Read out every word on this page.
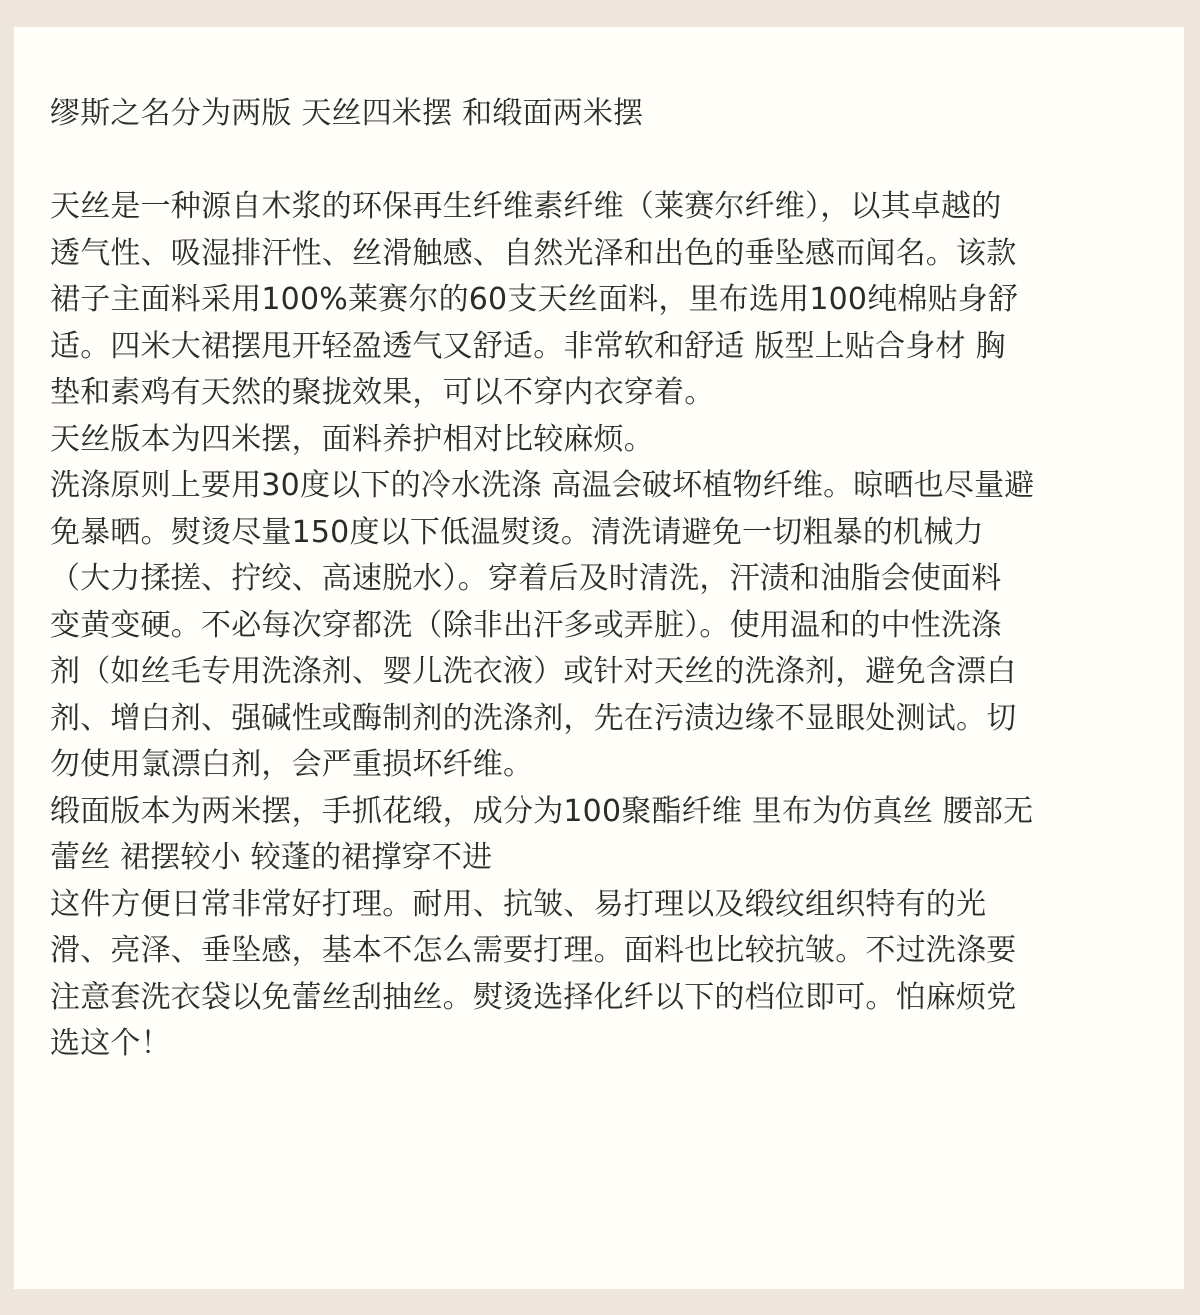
缪斯之名分为两版 天丝四米摆 和缎面两米摆
天丝是一种源自木浆的环保再生纤维素纤维（莱赛尔纤维），以其卓越的
透气性、吸湿排汗性、丝滑触感、自然光泽和出色的垂坠感而闻名。该款
裙子主面料采用100%莱赛尔的60支天丝面料，里布选用100纯棉贴身舒
适。四米大裙摆甩开轻盈透气又舒适。非常软和舒适 版型上贴合身材 胸
垫和素鸡有天然的聚拢效果，可以不穿内衣穿着。
天丝版本为四米摆，面料养护相对比较麻烦。
洗涤原则上要用30度以下的冷水洗涤 高温会破坏植物纤维。晾晒也尽量避
免暴晒。熨烫尽量150度以下低温熨烫。清洗请避免一切粗暴的机械力
（大力揉搓、拧绞、高速脱水）。穿着后及时清洗，汗渍和油脂会使面料
变黄变硬。不必每次穿都洗（除非出汗多或弄脏）。使用温和的中性洗涤
剂（如丝毛专用洗涤剂、婴儿洗衣液）或针对天丝的洗涤剂，避免含漂白
剂、增白剂、强碱性或酶制剂的洗涤剂，先在污渍边缘不显眼处测试。切
勿使用氯漂白剂，会严重损坏纤维。
缎面版本为两米摆，手抓花缎，成分为100聚酯纤维 里布为仿真丝 腰部无
蕾丝 裙摆较小 较蓬的裙撑穿不进
这件方便日常非常好打理。耐用、抗皱、易打理以及缎纹组织特有的光
滑、亮泽、垂坠感，基本不怎么需要打理。面料也比较抗皱。不过洗涤要
注意套洗衣袋以免蕾丝刮抽丝。熨烫选择化纤以下的档位即可。怕麻烦党
选这个！
